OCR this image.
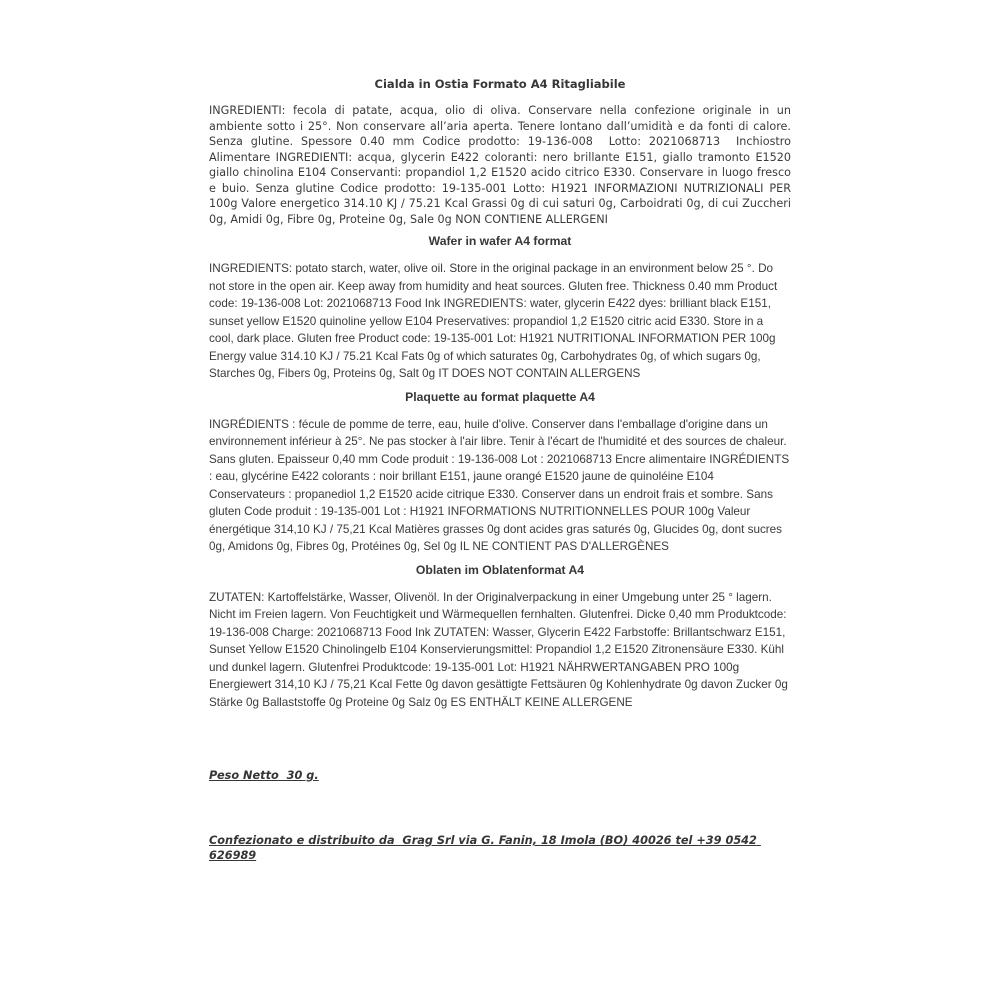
Cialda in Ostia Formato A4 Ritagliabile

INGREDIENTI: fecola di patate, acqua, olio di oliva. Conservare nella confezione originale in un ambiente sotto i 25°. Non conservare all’aria aperta. Tenere lontano dall’umidità e da fonti di calore. Senza glutine. Spessore 0.40 mm Codice prodotto: 19-136-008  Lotto: 2021068713  Inchiostro Alimentare INGREDIENTI: acqua, glycerin E422 coloranti: nero brillante E151, giallo tramonto E1520 giallo chinolina E104 Conservanti: propandiol 1,2 E1520 acido citrico E330. Conservare in luogo fresco e buio. Senza glutine Codice prodotto: 19-135-001 Lotto: H1921 INFORMAZIONI NUTRIZIONALI PER 100g Valore energetico 314.10 KJ / 75.21 Kcal Grassi 0g di cui saturi 0g, Carboidrati 0g, di cui Zuccheri 0g, Amidi 0g, Fibre 0g, Proteine 0g, Sale 0g NON CONTIENE ALLERGENI

Wafer in wafer A4 format

INGREDIENTS: potato starch, water, olive oil. Store in the original package in an environment below 25 °. Do not store in the open air. Keep away from humidity and heat sources. Gluten free. Thickness 0.40 mm Product code: 19-136-008 Lot: 2021068713 Food Ink INGREDIENTS: water, glycerin E422 dyes: brilliant black E151, sunset yellow E1520 quinoline yellow E104 Preservatives: propandiol 1,2 E1520 citric acid E330. Store in a cool, dark place. Gluten free Product code: 19-135-001 Lot: H1921 NUTRITIONAL INFORMATION PER 100g Energy value 314.10 KJ / 75.21 Kcal Fats 0g of which saturates 0g, Carbohydrates 0g, of which sugars 0g, Starches 0g, Fibers 0g, Proteins 0g, Salt 0g IT DOES NOT CONTAIN ALLERGENS

Plaquette au format plaquette A4

INGRÉDIENTS : fécule de pomme de terre, eau, huile d'olive. Conserver dans l'emballage d'origine dans un environnement inférieur à 25°. Ne pas stocker à l'air libre. Tenir à l'écart de l'humidité et des sources de chaleur. Sans gluten. Epaisseur 0,40 mm Code produit : 19-136-008 Lot : 2021068713 Encre alimentaire INGRÉDIENTS : eau, glycérine E422 colorants : noir brillant E151, jaune orangé E1520 jaune de quinoléine E104 Conservateurs : propanediol 1,2 E1520 acide citrique E330. Conserver dans un endroit frais et sombre. Sans gluten Code produit : 19-135-001 Lot : H1921 INFORMATIONS NUTRITIONNELLES POUR 100g Valeur énergétique 314,10 KJ / 75,21 Kcal Matières grasses 0g dont acides gras saturés 0g, Glucides 0g, dont sucres 0g, Amidons 0g, Fibres 0g, Protéines 0g, Sel 0g IL NE CONTIENT PAS D'ALLERGÈNES

Oblaten im Oblatenformat A4

ZUTATEN: Kartoffelstärke, Wasser, Olivenöl. In der Originalverpackung in einer Umgebung unter 25 ° lagern. Nicht im Freien lagern. Von Feuchtigkeit und Wärmequellen fernhalten. Glutenfrei. Dicke 0,40 mm Produktcode: 19-136-008 Charge: 2021068713 Food Ink ZUTATEN: Wasser, Glycerin E422 Farbstoffe: Brillantschwarz E151, Sunset Yellow E1520 Chinolingelb E104 Konservierungsmittel: Propandiol 1,2 E1520 Zitronensäure E330. Kühl und dunkel lagern. Glutenfrei Produktcode: 19-135-001 Lot: H1921 NÄHRWERTANGABEN PRO 100g Energiewert 314,10 KJ / 75,21 Kcal Fette 0g davon gesättigte Fettsäuren 0g Kohlenhydrate 0g davon Zucker 0g Stärke 0g Ballaststoffe 0g Proteine 0g Salz 0g ES ENTHÄLT KEINE ALLERGENE

Peso Netto  30 g.

Confezionato e distribuito da  Grag Srl via G. Fanin, 18 Imola (BO) 40026 tel +39 0542 626989
